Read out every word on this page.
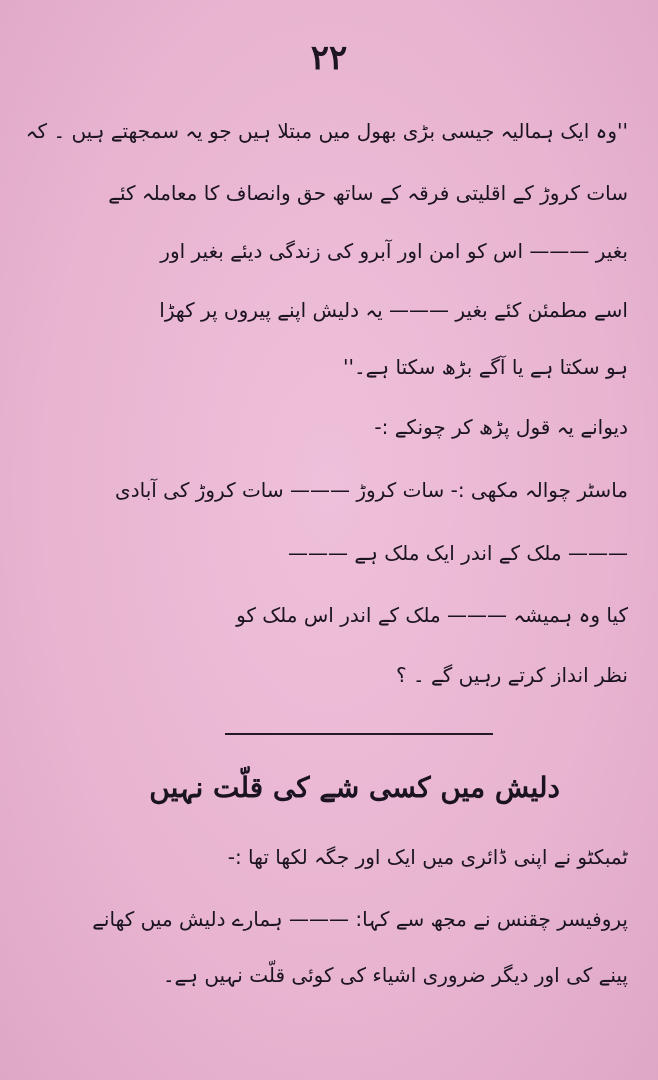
۲۲
''وہ ایک ہمالیہ جیسی بڑی بھول میں مبتلا ہیں جو یہ سمجھتے ہیں ۔ کہ
سات کروڑ کے اقلیتی فرقہ کے ساتھ حق وانصاف کا معاملہ کئے
بغیر ——— اس کو امن اور آبرو کی زندگی دیئے بغیر اور
اسے مطمئن کئے بغیر ——— یہ دلیش اپنے پیروں پر کھڑا
ہو سکتا ہے یا آگے بڑھ سکتا ہے۔''
دیوانے یہ قول پڑھ کر چونکے :-
ماسٹر چوالہ مکھی :- سات کروڑ ——— سات کروڑ کی آبادی
——— ملک کے اندر ایک ملک ہے ———
کیا وہ ہمیشہ ——— ملک کے اندر اس ملک کو
نظر انداز کرتے رہیں گے ۔ ؟
دلیش میں کسی شے کی قلّت نہیں
ٹمبکٹو نے اپنی ڈائری میں ایک اور جگہ لکھا تھا :-
پروفیسر چقنس نے مجھ سے کہا: ——— ہمارے دلیش میں کھانے
پینے کی اور دیگر ضروری اشیاء کی کوئی قلّت نہیں ہے۔
